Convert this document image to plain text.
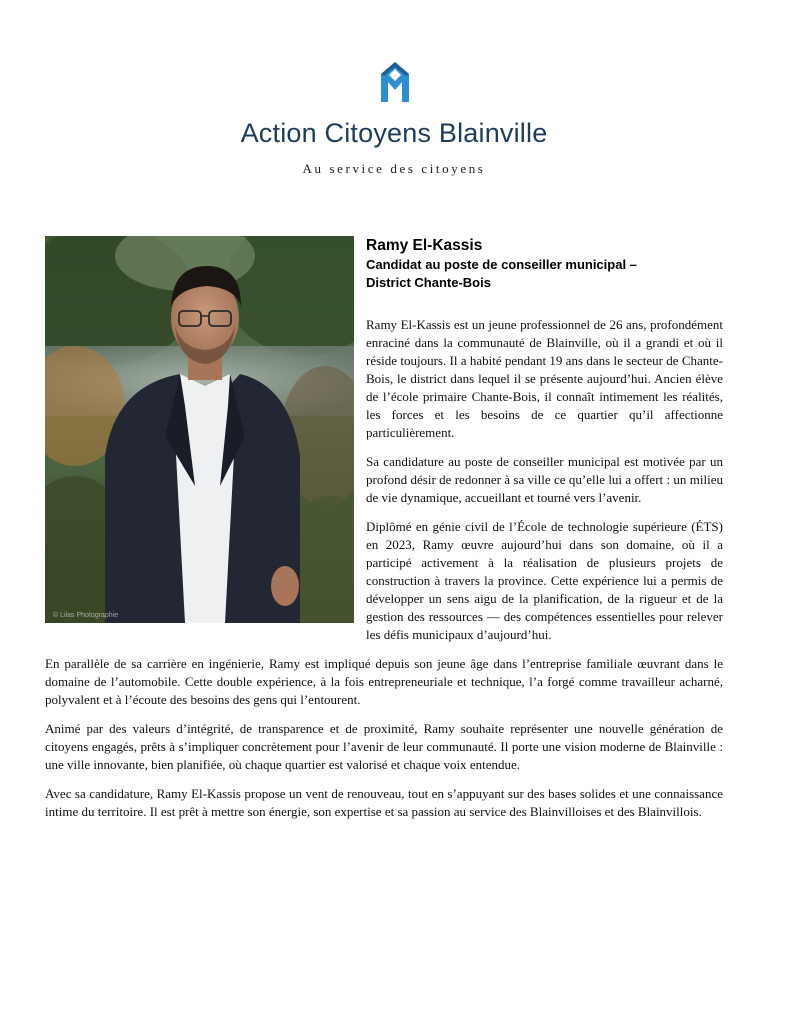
Action Citoyens Blainville
Au service des citoyens
© Lilas Photographie
Ramy El-Kassis
Candidat au poste de conseiller municipal –
District Chante-Bois

Ramy El-Kassis est un jeune professionnel de 26 ans, profondément enraciné dans la communauté de Blainville, où il a grandi et où il réside toujours. Il a habité pendant 19 ans dans le secteur de Chante-Bois, le district dans lequel il se présente aujourd’hui. Ancien élève de l’école primaire Chante-Bois, il connaît intimement les réalités, les forces et les besoins de ce quartier qu’il affectionne particulièrement.

Sa candidature au poste de conseiller municipal est motivée par un profond désir de redonner à sa ville ce qu’elle lui a offert : un milieu de vie dynamique, accueillant et tourné vers l’avenir.

Diplômé en génie civil de l’École de technologie supérieure (ÉTS) en 2023, Ramy œuvre aujourd’hui dans son domaine, où il a participé activement à la réalisation de plusieurs projets de construction à travers la province. Cette expérience lui a permis de développer un sens aigu de la planification, de la rigueur et de la gestion des ressources — des compétences essentielles pour relever les défis municipaux d’aujourd’hui.

En parallèle de sa carrière en ingénierie, Ramy est impliqué depuis son jeune âge dans l’entreprise familiale œuvrant dans le domaine de l’automobile. Cette double expérience, à la fois entrepreneuriale et technique, l’a forgé comme travailleur acharné, polyvalent et à l’écoute des besoins des gens qui l’entourent.

Animé par des valeurs d’intégrité, de transparence et de proximité, Ramy souhaite représenter une nouvelle génération de citoyens engagés, prêts à s’impliquer concrètement pour l’avenir de leur communauté. Il porte une vision moderne de Blainville : une ville innovante, bien planifiée, où chaque quartier est valorisé et chaque voix entendue.

Avec sa candidature, Ramy El-Kassis propose un vent de renouveau, tout en s’appuyant sur des bases solides et une connaissance intime du territoire. Il est prêt à mettre son énergie, son expertise et sa passion au service des Blainvilloises et des Blainvillois.
